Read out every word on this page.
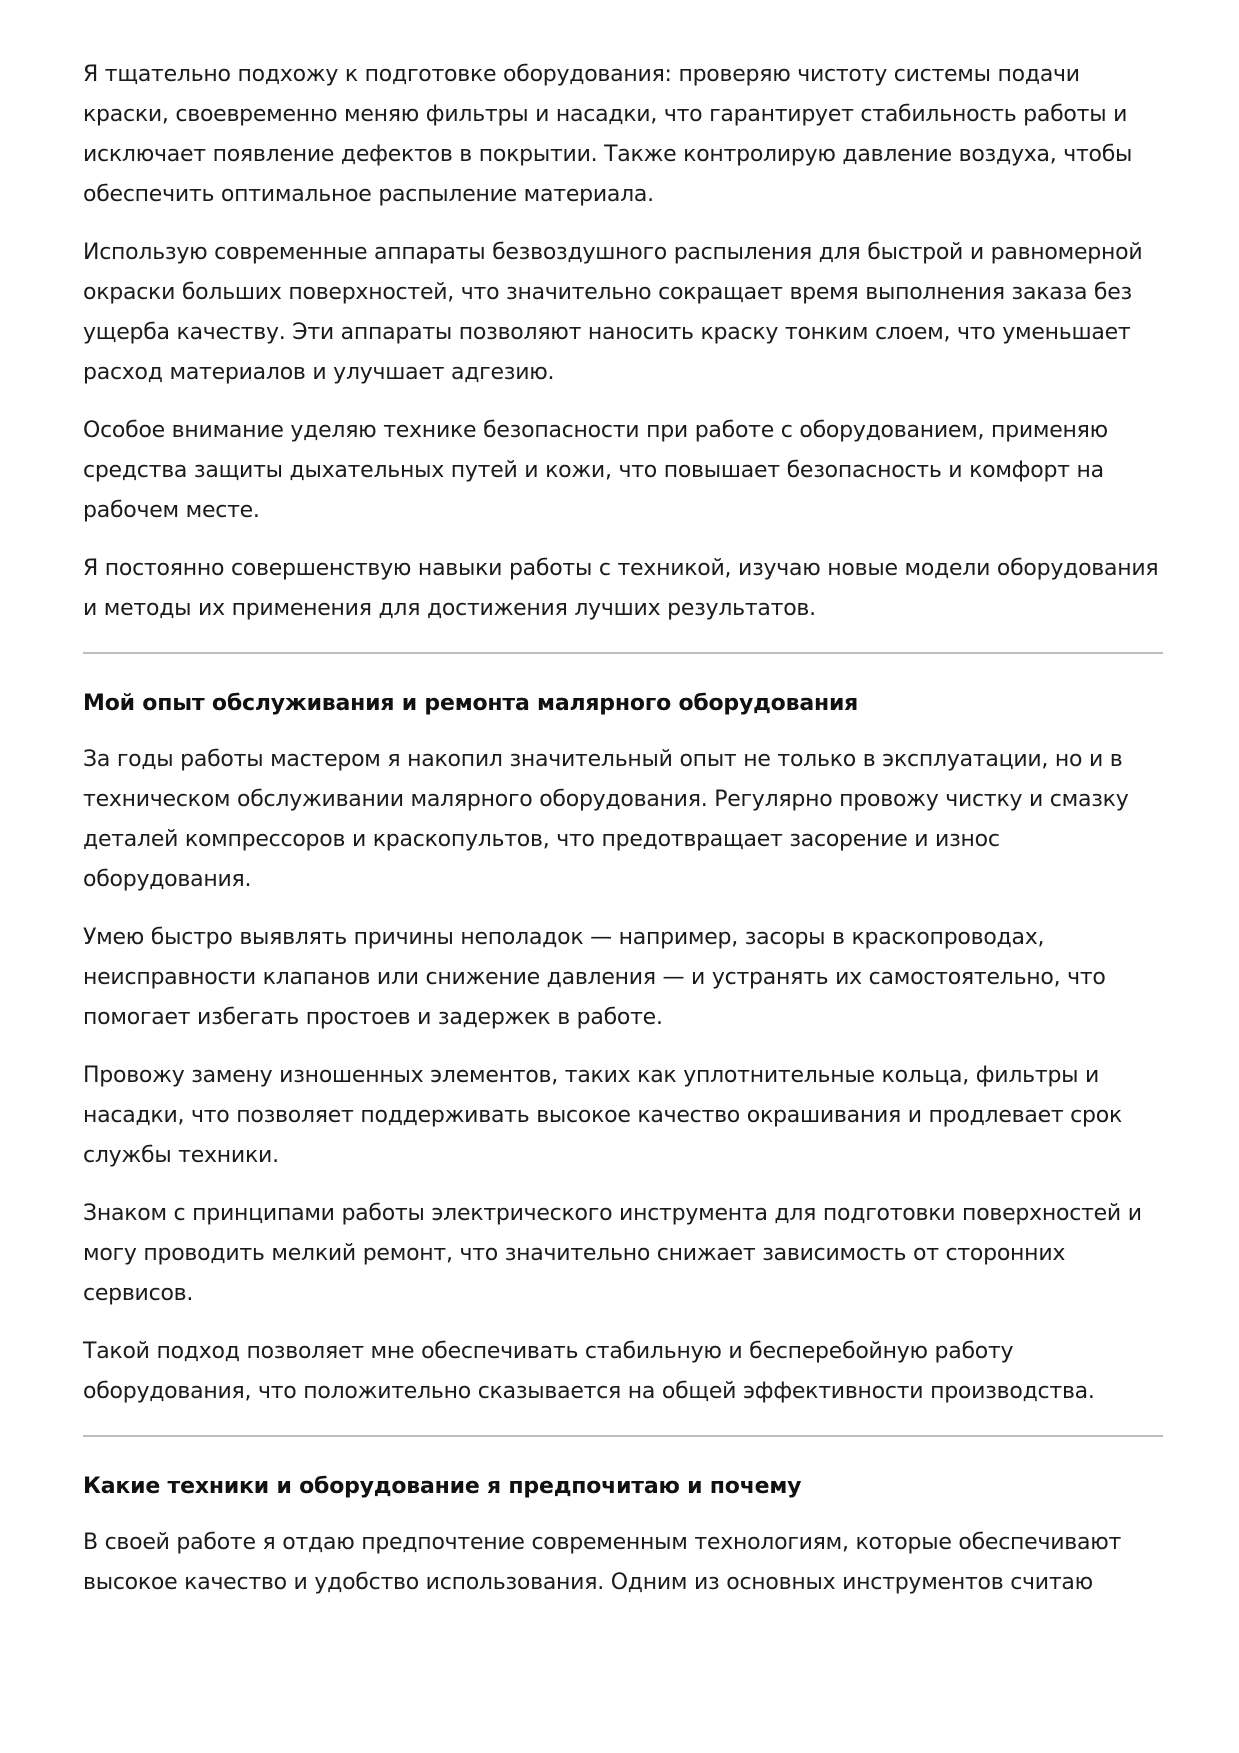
Я тщательно подхожу к подготовке оборудования: проверяю чистоту системы подачи краски, своевременно меняю фильтры и насадки, что гарантирует стабильность работы и исключает появление дефектов в покрытии. Также контролирую давление воздуха, чтобы обеспечить оптимальное распыление материала.

Использую современные аппараты безвоздушного распыления для быстрой и равномерной окраски больших поверхностей, что значительно сокращает время выполнения заказа без ущерба качеству. Эти аппараты позволяют наносить краску тонким слоем, что уменьшает расход материалов и улучшает адгезию.

Особое внимание уделяю технике безопасности при работе с оборудованием, применяю средства защиты дыхательных путей и кожи, что повышает безопасность и комфорт на рабочем месте.

Я постоянно совершенствую навыки работы с техникой, изучаю новые модели оборудования и методы их применения для достижения лучших результатов.

Мой опыт обслуживания и ремонта малярного оборудования

За годы работы мастером я накопил значительный опыт не только в эксплуатации, но и в техническом обслуживании малярного оборудования. Регулярно провожу чистку и смазку деталей компрессоров и краскопультов, что предотвращает засорение и износ оборудования.

Умею быстро выявлять причины неполадок — например, засоры в краскопроводах, неисправности клапанов или снижение давления — и устранять их самостоятельно, что помогает избегать простоев и задержек в работе.

Провожу замену изношенных элементов, таких как уплотнительные кольца, фильтры и насадки, что позволяет поддерживать высокое качество окрашивания и продлевает срок службы техники.

Знаком с принципами работы электрического инструмента для подготовки поверхностей и могу проводить мелкий ремонт, что значительно снижает зависимость от сторонних сервисов.

Такой подход позволяет мне обеспечивать стабильную и бесперебойную работу оборудования, что положительно сказывается на общей эффективности производства.

Какие техники и оборудование я предпочитаю и почему

В своей работе я отдаю предпочтение современным технологиям, которые обеспечивают высокое качество и удобство использования. Одним из основных инструментов считаю
